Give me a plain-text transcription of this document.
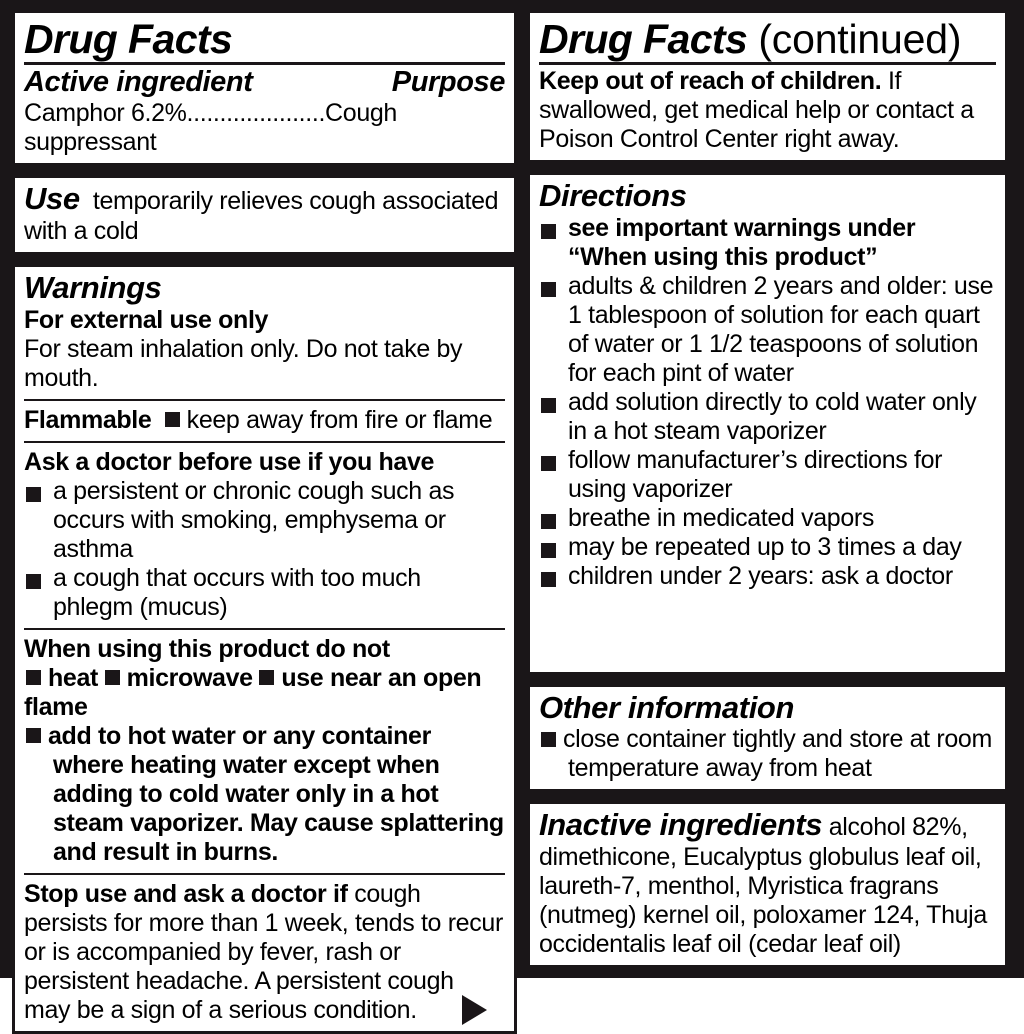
Drug Facts
Active ingredient	Purpose
Camphor 6.2%.....................Cough suppressant
Use temporarily relieves cough associated with a cold
Warnings
For external use only
For steam inhalation only. Do not take by mouth.
Flammable keep away from fire or flame
Ask a doctor before use if you have
a persistent or chronic cough such as occurs with smoking, emphysema or asthma
a cough that occurs with too much phlegm (mucus)
When using this product do not
heat microwave use near an open flame
add to hot water or any container where heating water except when adding to cold water only in a hot steam vaporizer. May cause splattering and result in burns.
Stop use and ask a doctor if cough persists for more than 1 week, tends to recur or is accompanied by fever, rash or persistent headache. A persistent cough may be a sign of a serious condition.
Drug Facts (continued)
Keep out of reach of children. If swallowed, get medical help or contact a Poison Control Center right away.
Directions
see important warnings under “When using this product”
adults & children 2 years and older: use 1 tablespoon of solution for each quart of water or 1 1/2 teaspoons of solution for each pint of water
add solution directly to cold water only in a hot steam vaporizer
follow manufacturer’s directions for using vaporizer
breathe in medicated vapors
may be repeated up to 3 times a day
children under 2 years: ask a doctor
Other information
close container tightly and store at room temperature away from heat
Inactive ingredients alcohol 82%, dimethicone, Eucalyptus globulus leaf oil, laureth-7, menthol, Myristica fragrans (nutmeg) kernel oil, poloxamer 124, Thuja occidentalis leaf oil (cedar leaf oil)
